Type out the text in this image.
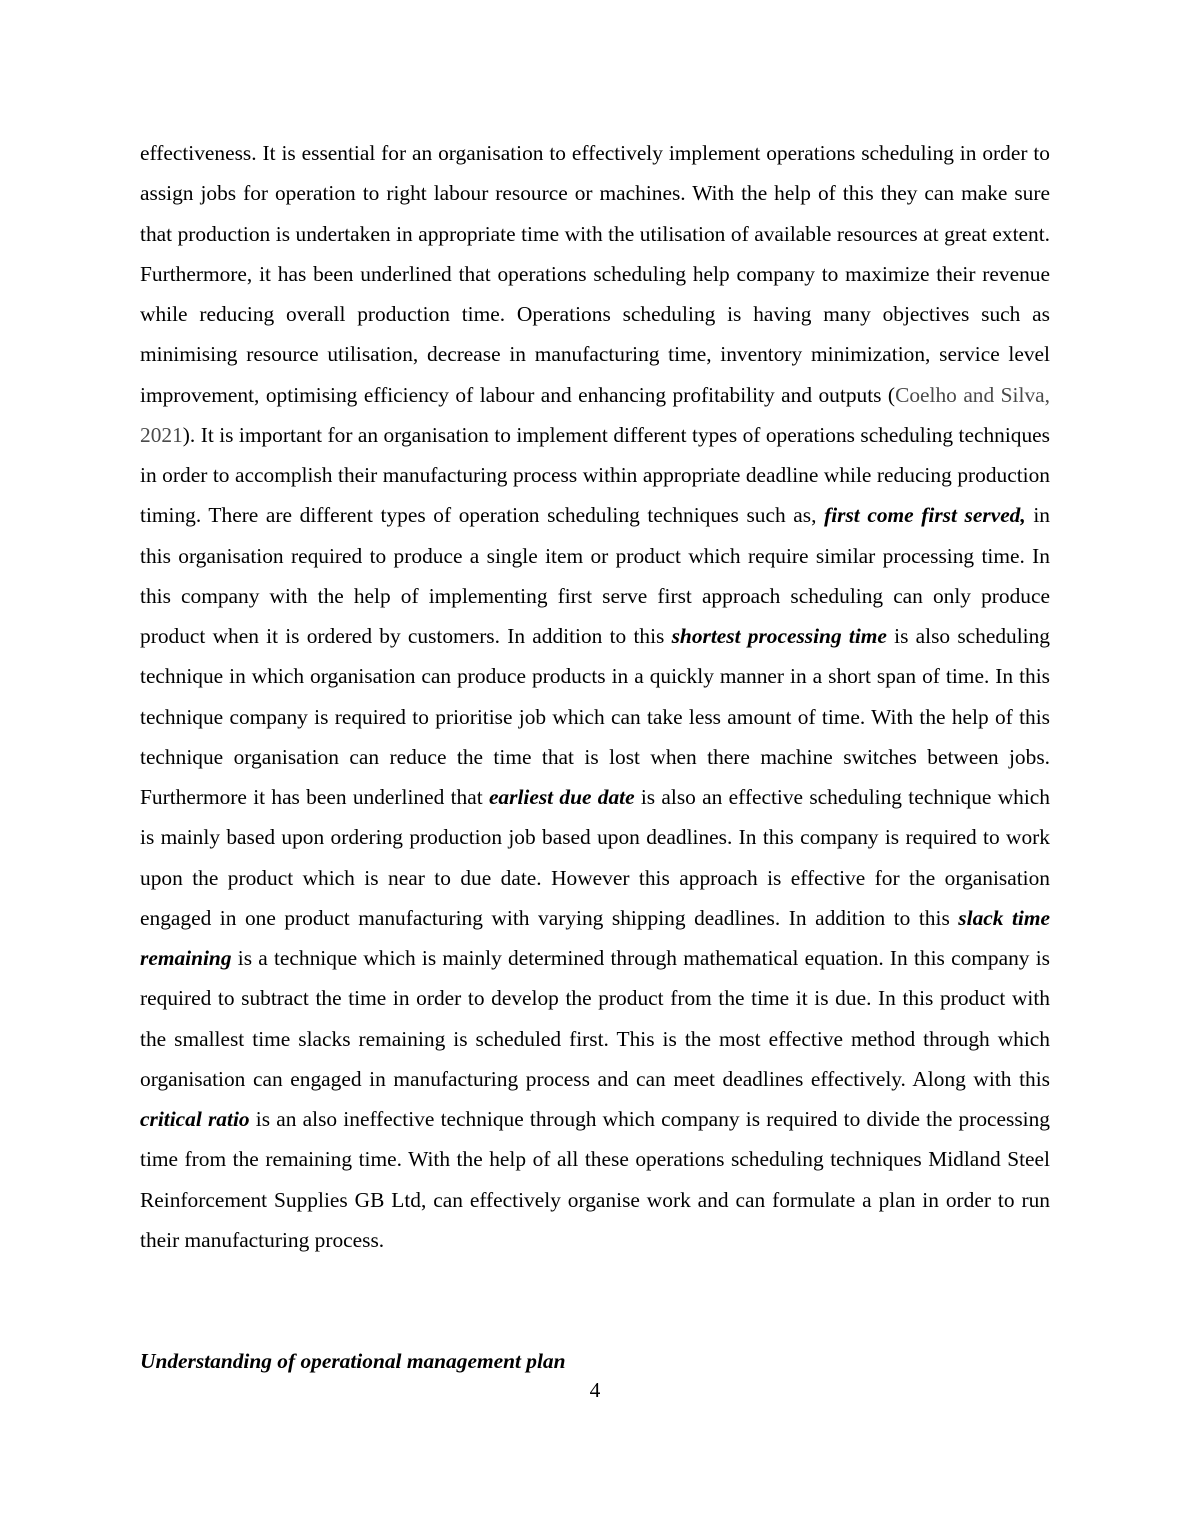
effectiveness. It is essential for an organisation to effectively implement operations scheduling in order to assign jobs for operation to right labour resource or machines. With the help of this they can make sure that production is undertaken in appropriate time with the utilisation of available resources at great extent. Furthermore, it has been underlined that operations scheduling help company to maximize their revenue while reducing overall production time. Operations scheduling is having many objectives such as minimising resource utilisation, decrease in manufacturing time, inventory minimization, service level improvement, optimising efficiency of labour and enhancing profitability and outputs (Coelho and Silva, 2021). It is important for an organisation to implement different types of operations scheduling techniques in order to accomplish their manufacturing process within appropriate deadline while reducing production timing. There are different types of operation scheduling techniques such as, first come first served, in this organisation required to produce a single item or product which require similar processing time. In this company with the help of implementing first serve first approach scheduling can only produce product when it is ordered by customers. In addition to this shortest processing time is also scheduling technique in which organisation can produce products in a quickly manner in a short span of time. In this technique company is required to prioritise job which can take less amount of time. With the help of this technique organisation can reduce the time that is lost when there machine switches between jobs. Furthermore it has been underlined that earliest due date is also an effective scheduling technique which is mainly based upon ordering production job based upon deadlines. In this company is required to work upon the product which is near to due date. However this approach is effective for the organisation engaged in one product manufacturing with varying shipping deadlines. In addition to this slack time remaining is a technique which is mainly determined through mathematical equation. In this company is required to subtract the time in order to develop the product from the time it is due. In this product with the smallest time slacks remaining is scheduled first. This is the most effective method through which organisation can engaged in manufacturing process and can meet deadlines effectively. Along with this critical ratio is an also ineffective technique through which company is required to divide the processing time from the remaining time. With the help of all these operations scheduling techniques Midland Steel Reinforcement Supplies GB Ltd, can effectively organise work and can formulate a plan in order to run their manufacturing process.

Understanding of operational management plan

4
